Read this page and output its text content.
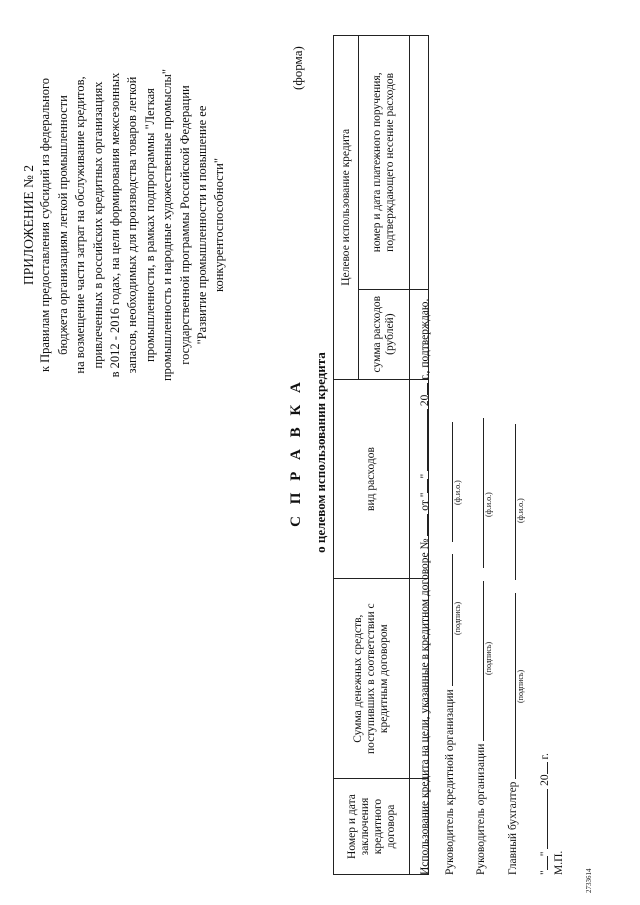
ПРИЛОЖЕНИЕ № 2 к Правилам предоставления субсидий из федерального бюджета организациям легкой промышленности на возмещение части затрат на обслуживание кредитов, привлеченных в российских кредитных организациях в 2012 - 2016 годах, на цели формирования межсезонных запасов, необходимых для производства товаров легкой промышленности, в рамках подпрограммы "Легкая промышленность и народные художественные промыслы" государственной программы Российской Федерации "Развитие промышленности и повышение ее конкурентоспособности"
(форма)
С П Р А В К А о целевом использовании кредита
Номер и дата заключения кредитного договора	Сумма денежных средств, поступивших в соответствии с кредитным договором	вид расходов	Целевое использование кредита	
			сумма расходов (рублей)	номер и дата платежного поручения, подтверждающего несение расходов

Использование кредита на цели, указанные в кредитном договоре №  от ""  20 г., подтверждаю.
Руководитель кредитной организации
(подпись)
(ф.и.о.)
Руководитель организации
(подпись)
(ф.и.о.)
Главный бухгалтер
(подпись)
(ф.и.о.)
""  20 г.
М.П.
2733614
